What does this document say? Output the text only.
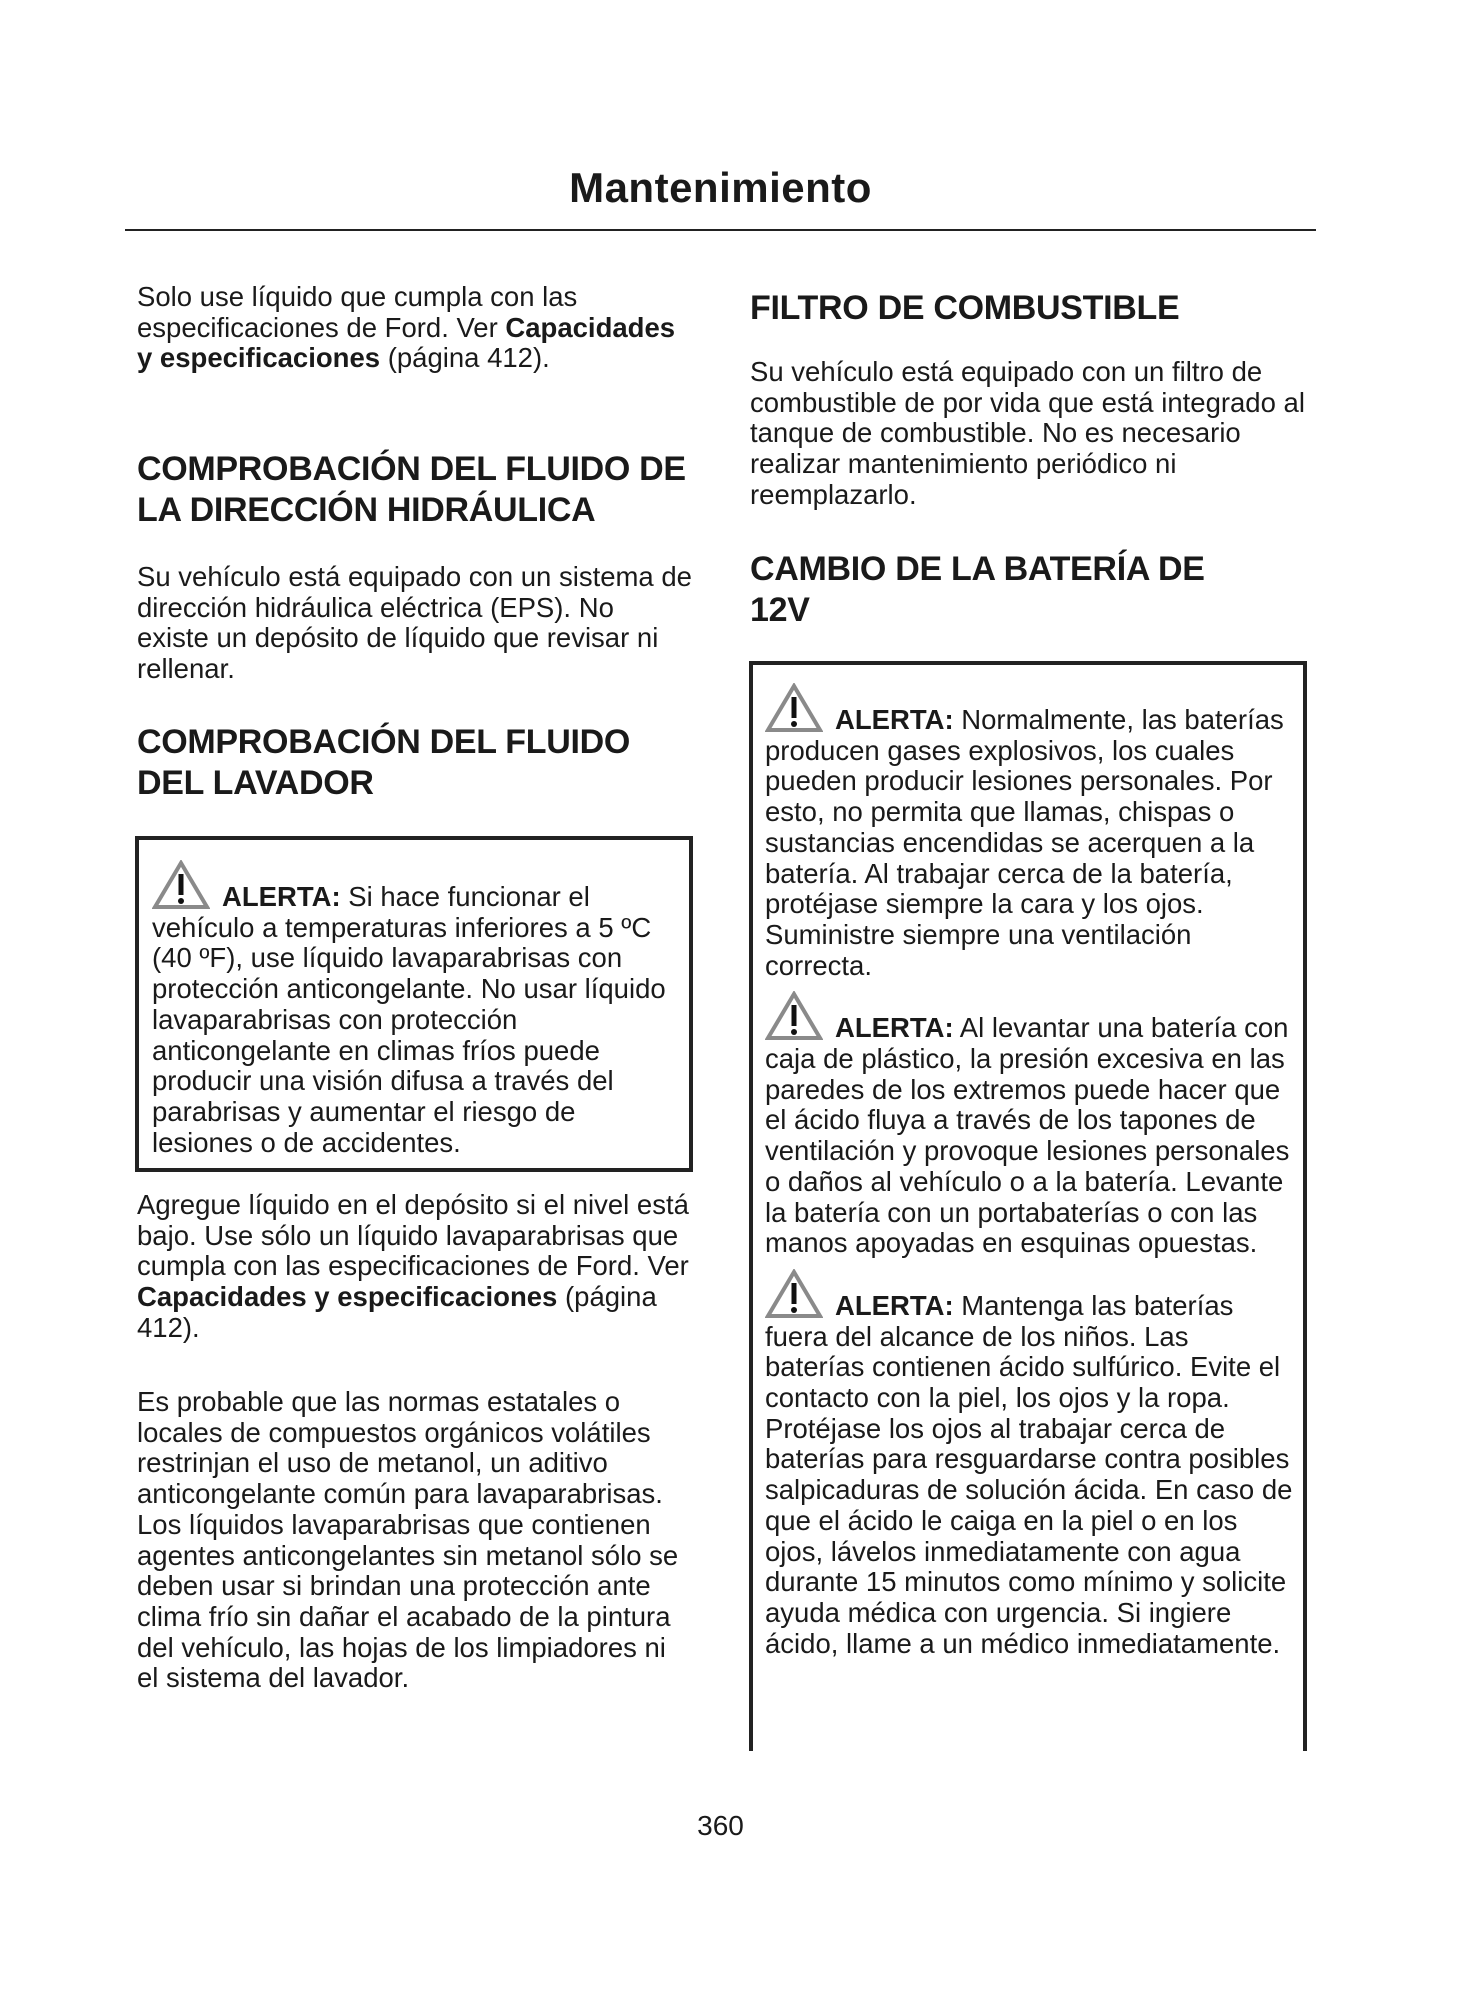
Mantenimiento
Solo use líquido que cumpla con las especificaciones de Ford. Ver Capacidades y especificaciones (página 412).
COMPROBACIÓN DEL FLUIDO DE LA DIRECCIÓN HIDRÁULICA
Su vehículo está equipado con un sistema de dirección hidráulica eléctrica (EPS). No existe un depósito de líquido que revisar ni rellenar.
COMPROBACIÓN DEL FLUIDO DEL LAVADOR
ALERTA: Si hace funcionar el vehículo a temperaturas inferiores a 5 ºC (40 ºF), use líquido lavaparabrisas con protección anticongelante. No usar líquido lavaparabrisas con protección anticongelante en climas fríos puede producir una visión difusa a través del parabrisas y aumentar el riesgo de lesiones o de accidentes.
Agregue líquido en el depósito si el nivel está bajo. Use sólo un líquido lavaparabrisas que cumpla con las especificaciones de Ford. Ver Capacidades y especificaciones (página 412).
Es probable que las normas estatales o locales de compuestos orgánicos volátiles restrinjan el uso de metanol, un aditivo anticongelante común para lavaparabrisas. Los líquidos lavaparabrisas que contienen agentes anticongelantes sin metanol sólo se deben usar si brindan una protección ante clima frío sin dañar el acabado de la pintura del vehículo, las hojas de los limpiadores ni el sistema del lavador.
FILTRO DE COMBUSTIBLE
Su vehículo está equipado con un filtro de combustible de por vida que está integrado al tanque de combustible. No es necesario realizar mantenimiento periódico ni reemplazarlo.
CAMBIO DE LA BATERÍA DE 12V
ALERTA: Normalmente, las baterías producen gases explosivos, los cuales pueden producir lesiones personales. Por esto, no permita que llamas, chispas o sustancias encendidas se acerquen a la batería. Al trabajar cerca de la batería, protéjase siempre la cara y los ojos. Suministre siempre una ventilación correcta.
ALERTA: Al levantar una batería con caja de plástico, la presión excesiva en las paredes de los extremos puede hacer que el ácido fluya a través de los tapones de ventilación y provoque lesiones personales o daños al vehículo o a la batería. Levante la batería con un portabaterías o con las manos apoyadas en esquinas opuestas.
ALERTA: Mantenga las baterías fuera del alcance de los niños. Las baterías contienen ácido sulfúrico. Evite el contacto con la piel, los ojos y la ropa. Protéjase los ojos al trabajar cerca de baterías para resguardarse contra posibles salpicaduras de solución ácida. En caso de que el ácido le caiga en la piel o en los ojos, lávelos inmediatamente con agua durante 15 minutos como mínimo y solicite ayuda médica con urgencia. Si ingiere ácido, llame a un médico inmediatamente.
360
